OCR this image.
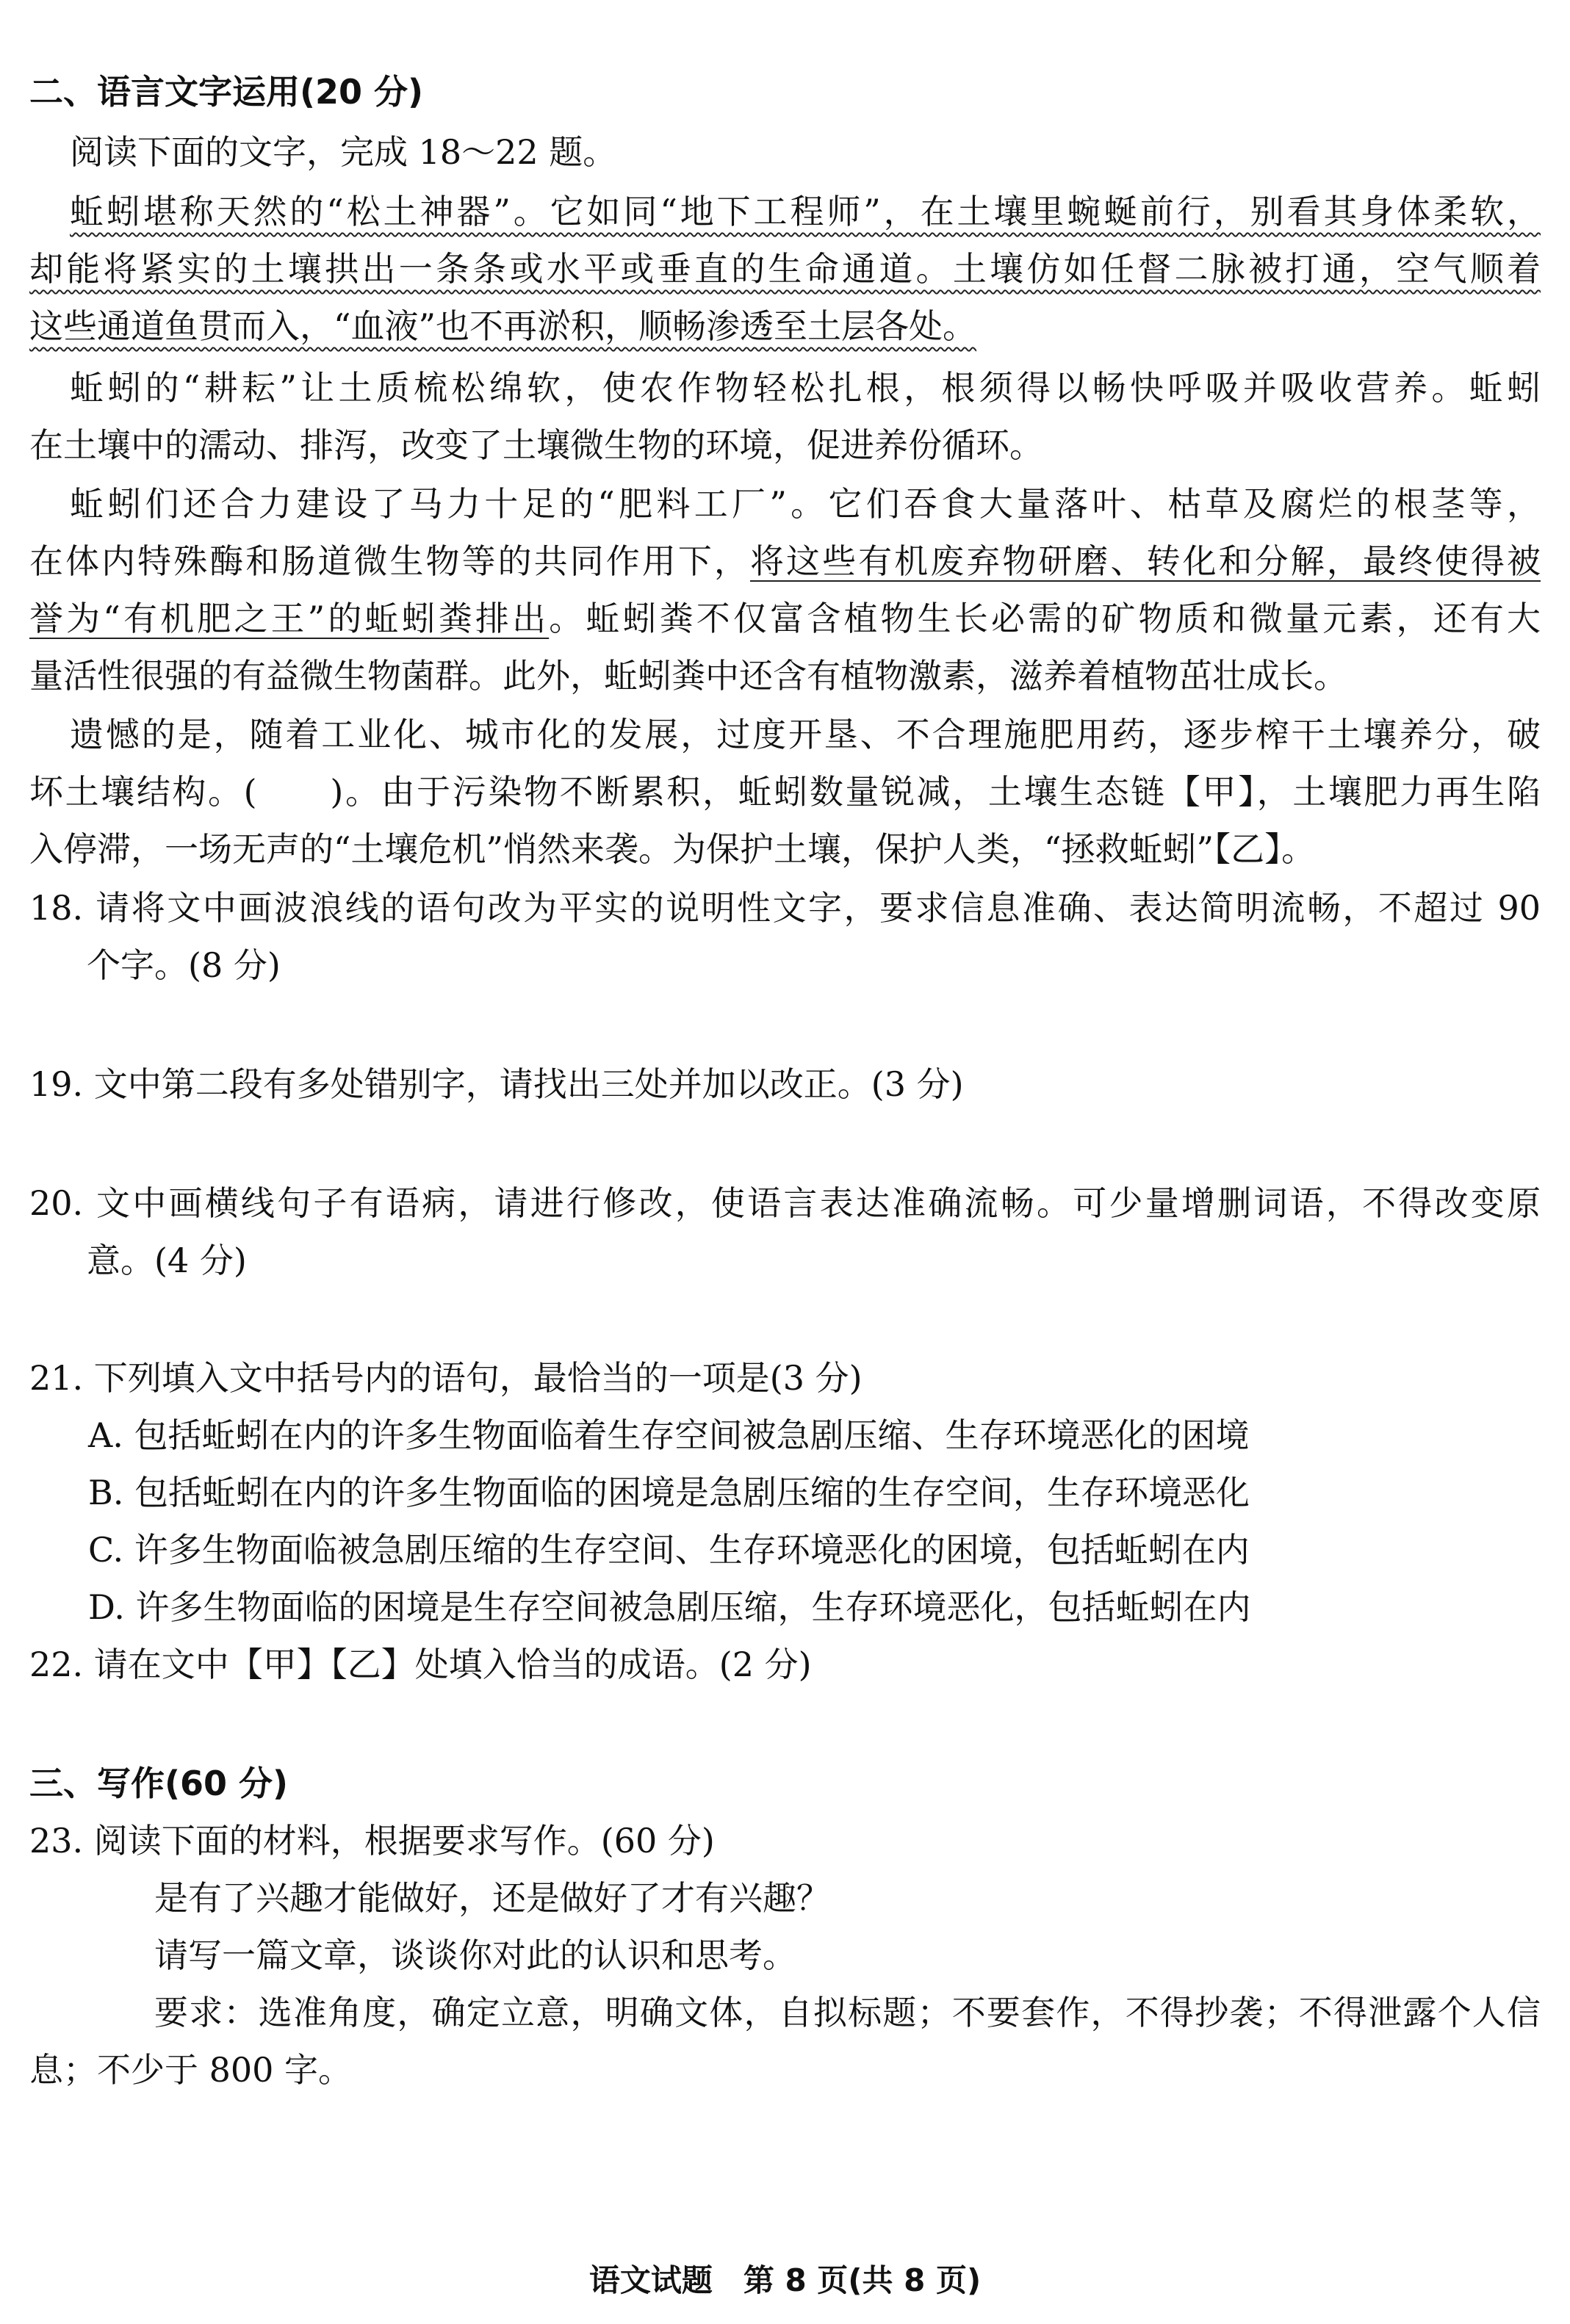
二、语言文字运用(20 分)
阅读下面的文字，完成 18～22 题。
蚯蚓堪称天然的“松土神器”。它如同“地下工程师”，在土壤里蜿蜒前行，别看其身体柔软，
却能将紧实的土壤拱出一条条或水平或垂直的生命通道。土壤仿如任督二脉被打通，空气顺着
这些通道鱼贯而入，“血液”也不再淤积，顺畅渗透至土层各处。
蚯蚓的“耕耘”让土质梳松绵软，使农作物轻松扎根，根须得以畅快呼吸并吸收营养。蚯蚓
在土壤中的濡动、排泻，改变了土壤微生物的环境，促进养份循环。
蚯蚓们还合力建设了马力十足的“肥料工厂”。它们吞食大量落叶、枯草及腐烂的根茎等，
在体内特殊酶和肠道微生物等的共同作用下，将这些有机废弃物研磨、转化和分解，最终使得被
誉为“有机肥之王”的蚯蚓粪排出。蚯蚓粪不仅富含植物生长必需的矿物质和微量元素，还有大
量活性很强的有益微生物菌群。此外，蚯蚓粪中还含有植物激素，滋养着植物茁壮成长。
遗憾的是，随着工业化、城市化的发展，过度开垦、不合理施肥用药，逐步榨干土壤养分，破
坏土壤结构。(　　)。由于污染物不断累积，蚯蚓数量锐减，土壤生态链【甲】，土壤肥力再生陷
入停滞，一场无声的“土壤危机”悄然来袭。为保护土壤，保护人类，“拯救蚯蚓”【乙】。
18. 请将文中画波浪线的语句改为平实的说明性文字，要求信息准确、表达简明流畅，不超过 90
个字。(8 分)
19. 文中第二段有多处错别字，请找出三处并加以改正。(3 分)
20. 文中画横线句子有语病，请进行修改，使语言表达准确流畅。可少量增删词语，不得改变原
意。(4 分)
21. 下列填入文中括号内的语句，最恰当的一项是(3 分)
A. 包括蚯蚓在内的许多生物面临着生存空间被急剧压缩、生存环境恶化的困境
B. 包括蚯蚓在内的许多生物面临的困境是急剧压缩的生存空间，生存环境恶化
C. 许多生物面临被急剧压缩的生存空间、生存环境恶化的困境，包括蚯蚓在内
D. 许多生物面临的困境是生存空间被急剧压缩，生存环境恶化，包括蚯蚓在内
22. 请在文中【甲】【乙】处填入恰当的成语。(2 分)
三、写作(60 分)
23. 阅读下面的材料，根据要求写作。(60 分)
是有了兴趣才能做好，还是做好了才有兴趣？
请写一篇文章，谈谈你对此的认识和思考。
要求：选准角度，确定立意，明确文体，自拟标题；不要套作，不得抄袭；不得泄露个人信
息；不少于 800 字。
语文试题　第 8 页(共 8 页)
